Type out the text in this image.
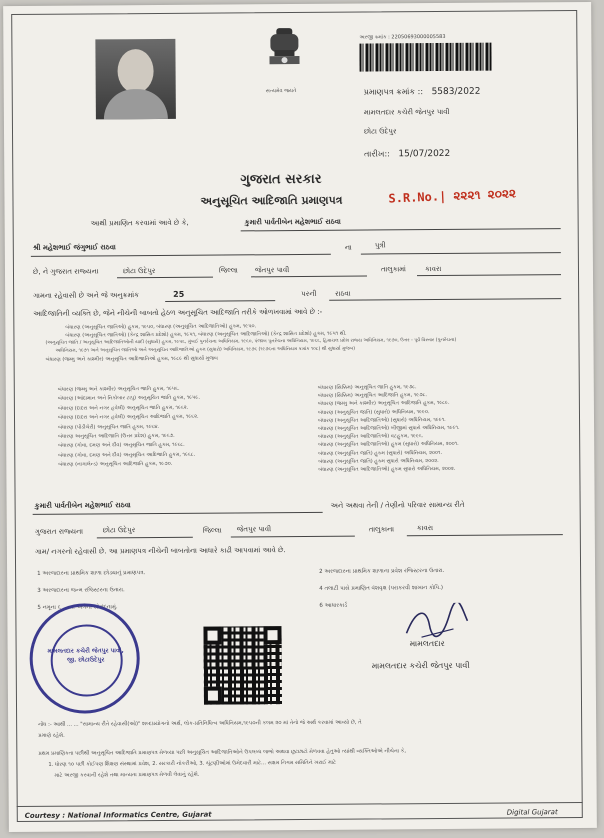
સત્યમેવ જયતે
અરજી ક્રમાંક : 22050693000005583
પ્રમાણપત્ર ક્રમાંક :: 5583/2022
મામલતદાર કચેરી જેતપુર પાવી
છોટા ઉદેપુર
તારીખ:: 15/07/2022
ગુજરાત સરકાર
અનુસૂચિત આદિજાતિ પ્રમાણપત્ર	S.R.No.| ૨૨૨૧ ૨૦૨૨
આથી પ્રમાણિત કરવામાં આવે છે કે,	કુમારી પાર્વતીબેન મહેશભાઈ રાઠવા
શ્રી મહેશભાઈ જંગુભાઈ રાઠવા	ના	પુત્રી
છે, ને ગુજરાત રાજ્યના	છોટા ઉદેપુર	જિલ્લા જેતપુર પાવી	તાલુકામાં	કાવરા
ગામના રહેવાસી છે અને જે અનુક્રમાંક	25	પરની	રાઠવા
આદિજાતિની વ્યક્તિ છે, જેને નીચેની બાબતો હેઠળ અનુસૂચિત આદિજાતિ તરીકે ઓળખવામાં આવે છે :-
બંધારણ (અનુસૂચિત જાતિઓ) હુકમ, ૧૯૫૦, બંધારણ (અનુસૂચિત આદિજાતિઓ) હુકમ, ૧૯૫૦.
બંધારણ (અનુસૂચિત જાતિઓ) (કેન્દ્ર શાસિત પ્રદેશો) હુકમ, ૧૯૫૧, બંધારણ (અનુસૂચિત આદિજાતિઓ) (કેન્દ્ર શાસિત પ્રદેશો) હુકમ, ૧૯૫૧ થી.
(અનુસૂચિત જાતિ / અનુસૂચિત આદિજાતિઓની યાદી (સુધારો) હુકમ, ૧૯૫૬, મુંબઈ પુનર્રચના અધિનિયમ, ૧૯૬૦, પંજાબ પુનર્રચના અધિનિયમ, ૧૯૬૬, હિમાચલ પ્રદેશ રાજ્ય અધિનિયમ, ૧૯૭૦, ઉત્તર - પૂર્વ વિસ્તાર (પુનર્રચના)
અધિનિયમ, ૧૯૭૧ અને અનુસૂચિત જાતિઓ અને અનુસૂચિત આદિજાતિઓ હુકમ (સુધારો) અધિનિયમ, ૧૯૭૬ (૧૯૭૬ના અધિનિયમ ક્રમાંક ૧૦૮) થી સુધાર્યા મુજબ)
બંધારણ (જમ્મુ અને કાશ્મીર) અનુસૂચિત આદિજાતિઓ હુકમ, ૧૯૮૯ થી સુધાર્યા મુજબ
બંધારણ (જમ્મુ અને કાશ્મીર) અનુસૂચિત જાતિ હુકમ, ૧૯૫૬.
બંધારણ (આંદામાન અને નિકોબાર ટાપુ) અનુસૂચિત જાતિ હુકમ, ૧૯૫૯.
બંધારણ (દાદરા અને નગર હવેલી) અનુસૂચિત જાતિ હુકમ, ૧૯૬૨.
બંધારણ (દાદરા અને નગર હવેલી) અનુસૂચિત આદિજાતિ હુકમ, ૧૯૬૨.
બંધારણ (પોંડીચેરી) અનુસૂચિત જાતિ હુકમ, ૧૯૬૪.
બંધારણ અનુસૂચિત આદિજાતિ (ઉત્તર પ્રદેશ) હુકમ, ૧૯૬૭.
બંધારણ (ગોવા, દમણ અને દીવ) અનુસૂચિત જાતિ હુકમ, ૧૯૬૮.
બંધારણ (ગોવા, દમણ અને દીવ) અનુસૂચિત આદિજાતિ હુકમ, ૧૯૬૮.
બંધારણ (નાગાલેન્ડ) અનુસૂચિત આદિજાતિ હુકમ, ૧૯૭૦.
બંધારણ (સિક્કિમ) અનુસૂચિત જાતિ હુકમ, ૧૯૭૮.
બંધારણ (સિક્કિમ) અનુસૂચિત આદિજાતિ હુકમ, ૧૯૭૮.
બંધારણ (જમ્મુ અને કાશ્મીર) અનુસૂચિત આદિજાતિ હુકમ, ૧૯૮૯.
બંધારણ (અનુસૂચિત જાતિ) (સુધારો) અધિનિયમ, ૧૯૯૦.
બંધારણ (અનુસૂચિત આદિજાતિઓ) (સુધારો) અધિનિયમ, ૧૯૯૧.
બંધારણ (અનુસૂચિત આદિજાતિઓ) બીજીમાં સુધારો અધિનિયમ, ૧૯૯૧.
બંધારણ (અનુસૂચિત આદિજાતિઓ) વટહુકમ, ૧૯૯૬.
બંધારણ (અનુસૂચિત આદિજાતિઓ) હુકમ (સુધારો) અધિનિયમ, ૨૦૦૧.
બંધારણ (અનુસૂચિત જાતિ) હુકમ (સુધારો) અધિનિયમ, ૨૦૦૧.
બંધારણ (અનુસૂચિત જાતિ) હુકમ સુધારો અધિનિયમ, ૨૦૦૨.
બંધારણ (અનુસૂચિત આદિજાતિઓ) હુકમ સુધારો અધિનિયમ, ૨૦૦૨.
કુમારી પાર્વતીબેન મહેશભાઈ રાઠવા	અને અથવા તેની / તેણીનો પરિવાર સામાન્ય રીતે
ગુજરાત રાજ્યના	છોટા ઉદેપુર	જિલ્લા જેતપુર પાવી	તાલુકાના	કાવરા
ગામ/ નગરનો રહેવાસી છે. આ પ્રમાણપત્ર નીચેની બાબતોના આધારે કાઢી આપવામાં આવે છે.
1 અરજદારના પ્રાથમિક શાળા છોડ્યાનું પ્રમાણપત્ર.	2 અરજદારના પ્રાથમિક શાળાના પ્રવેશ રજિસ્ટરના ઉતારા.
3 અરજદારના જન્મ રજિસ્ટરના ઉતારા.	4 તલાટી પાસે પ્રમાણિત વંશવૃક્ષ (પરાકરવી શાખાન કોપિ.)
5 નમૂના ૬ ... ... અંગેના સોગંદનામું.	6 આધારકાર્ડ
મામલતદાર કચેરી જેતપુર પાવી, જી. છોટાઉદેપુર
મામલતદાર
મામલતદાર કચેરી જેતપુર પાવી
નોંધ :- આથી ... ... "સામાન્ય રીતે રહેવાસી(ઓ)" શબ્દપ્રયોગનો અર્થ, લોક-પ્રતિનિધિત્વ અધિનિયમ,૧૯૫૦ની કલમ ૨૦ માં તેનો જે અર્થ કરવામાં આવ્યો છે, તે
પ્રમાણે રહેશે.
પ્રથમ પ્રમાણિકતા પછીથી અનુસૂચિત આદિજાતિ પ્રમાણપત્ર મેળવ્યા પછી અનુસૂચિત આદિજાતિઓને ઉપલબ્ધ લાભો અથવા છૂટછાટો મેળવવા હેતુઓ ત્યાંથી વ્યક્તિઓએ નીચેના કે,
1. ધોરણ ૧૦ પછી કોઈપણ શિક્ષણ સંસ્થામાં પ્રવેશ, 2. સરકારી નોકરીઓ, 3. ચૂંટણીઓમાં ઉમેદવારી માટે... સક્ષમ નિગમ સમિતિને ખરાઈ માટે
માટે અરજી કરવાની રહેશે તથા માન્યતા પ્રમાણપત્ર મેળવી લેવાનું રહેશે.
Courtesy : National Informatics Centre, Gujarat	Digital Gujarat
